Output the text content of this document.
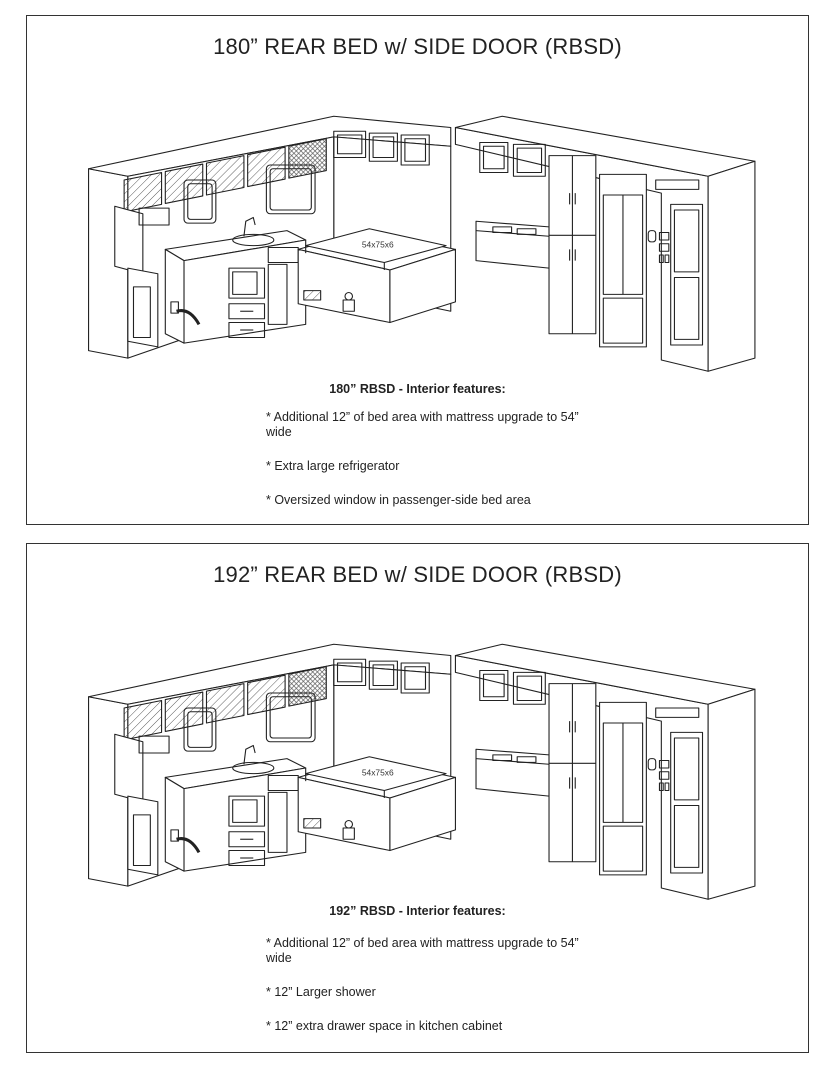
180” REAR BED w/ SIDE DOOR (RBSD)
54x75x6
180” RBSD - Interior features:
* Additional 12” of bed area with mattress upgrade to 54” wide
* Extra large refrigerator
* Oversized window in passenger-side bed area
192” REAR BED w/ SIDE DOOR (RBSD)
54x75x6
192” RBSD - Interior features:
* Additional 12” of bed area with mattress upgrade to 54” wide
* 12” Larger shower
* 12” extra drawer space in kitchen cabinet
